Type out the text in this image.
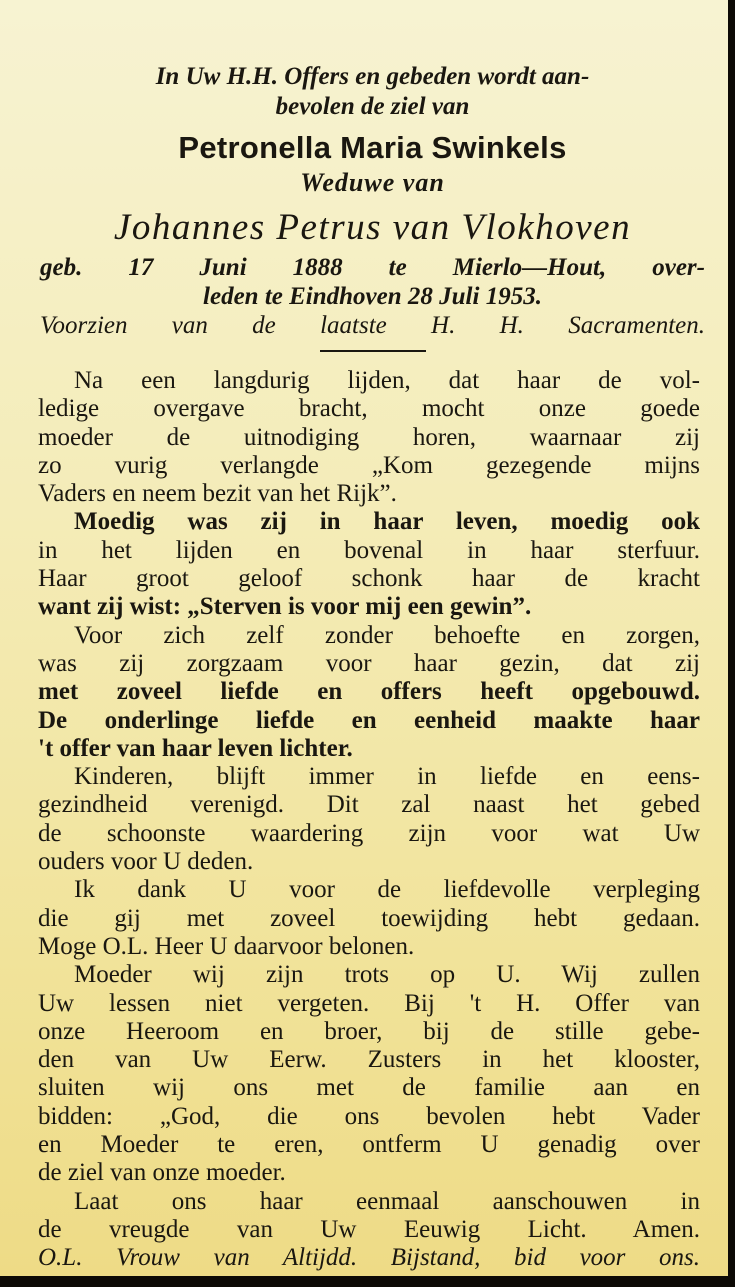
In Uw H.H. Offers en gebeden wordt aan-
bevolen de ziel van
Petronella Maria Swinkels
Weduwe van
Johannes Petrus van Vlokhoven
geb. 17 Juni 1888 te Mierlo—Hout, over-
leden te Eindhoven 28 Juli 1953.
Voorzien van de laatste H. H. Sacramenten.
Na een langdurig lijden, dat haar de vol-
ledige overgave bracht, mocht onze goede
moeder de uitnodiging horen, waarnaar zij
zo vurig verlangde „Kom gezegende mijns
Vaders en neem bezit van het Rijk”.
Moedig was zij in haar leven, moedig ook
in het lijden en bovenal in haar sterfuur.
Haar groot geloof schonk haar de kracht
want zij wist: „Sterven is voor mij een gewin”.
Voor zich zelf zonder behoefte en zorgen,
was zij zorgzaam voor haar gezin, dat zij
met zoveel liefde en offers heeft opgebouwd.
De onderlinge liefde en eenheid maakte haar
't offer van haar leven lichter.
Kinderen, blijft immer in liefde en eens-
gezindheid verenigd. Dit zal naast het gebed
de schoonste waardering zijn voor wat Uw
ouders voor U deden.
Ik dank U voor de liefdevolle verpleging
die gij met zoveel toewijding hebt gedaan.
Moge O.L. Heer U daarvoor belonen.
Moeder wij zijn trots op U. Wij zullen
Uw lessen niet vergeten. Bij 't H. Offer van
onze Heeroom en broer, bij de stille gebe-
den van Uw Eerw. Zusters in het klooster,
sluiten wij ons met de familie aan en
bidden: „God, die ons bevolen hebt Vader
en Moeder te eren, ontferm U genadig over
de ziel van onze moeder.
Laat ons haar eenmaal aanschouwen in
de vreugde van Uw Eeuwig Licht. Amen.
O.L. Vrouw van Altijdd. Bijstand, bid voor ons.
